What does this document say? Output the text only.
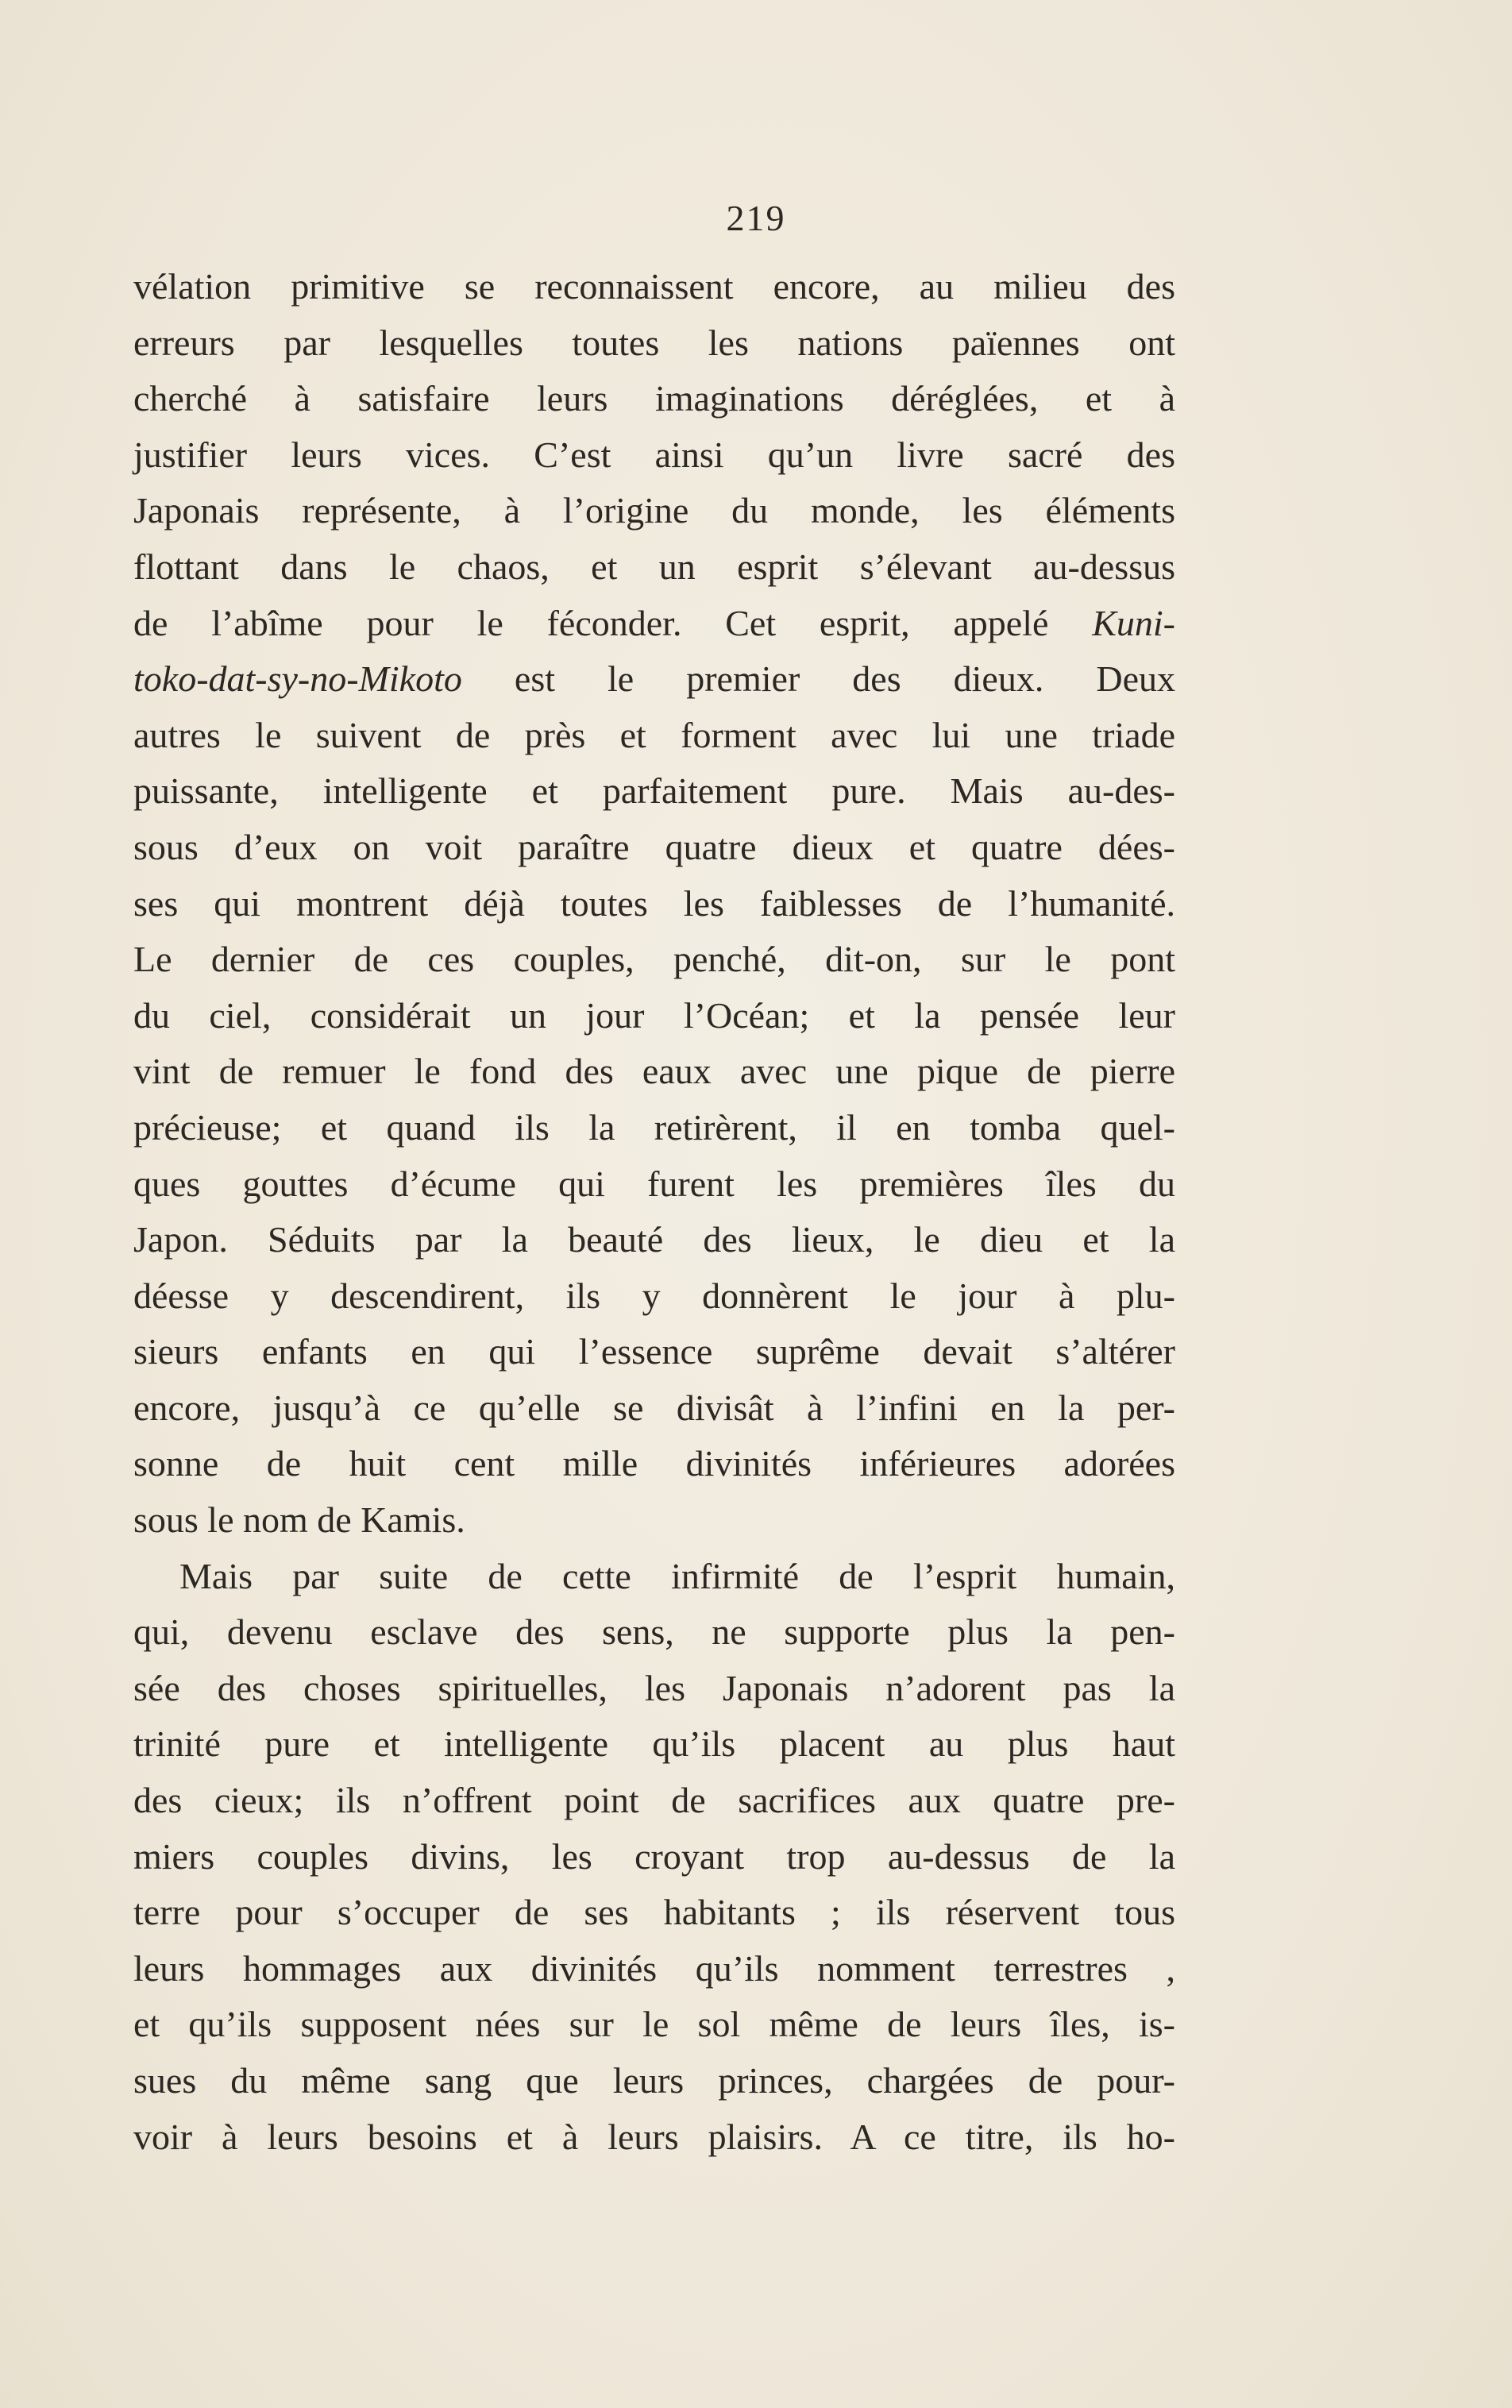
219
vélation primitive se reconnaissent encore, au milieu des
erreurs par lesquelles toutes les nations païennes ont
cherché à satisfaire leurs imaginations déréglées, et à
justifier leurs vices. C’est ainsi qu’un livre sacré des
Japonais représente, à l’origine du monde, les éléments
flottant dans le chaos, et un esprit s’élevant au-dessus
de l’abîme pour le féconder. Cet esprit, appelé Kuni-
toko-dat-sy-no-Mikoto est le premier des dieux. Deux
autres le suivent de près et forment avec lui une triade
puissante, intelligente et parfaitement pure. Mais au-des-
sous d’eux on voit paraître quatre dieux et quatre dées-
ses qui montrent déjà toutes les faiblesses de l’humanité.
Le dernier de ces couples, penché, dit-on, sur le pont
du ciel, considérait un jour l’Océan; et la pensée leur
vint de remuer le fond des eaux avec une pique de pierre
précieuse; et quand ils la retirèrent, il en tomba quel-
ques gouttes d’écume qui furent les premières îles du
Japon. Séduits par la beauté des lieux, le dieu et la
déesse y descendirent, ils y donnèrent le jour à plu-
sieurs enfants en qui l’essence suprême devait s’altérer
encore, jusqu’à ce qu’elle se divisât à l’infini en la per-
sonne de huit cent mille divinités inférieures adorées
sous le nom de Kamis.
Mais par suite de cette infirmité de l’esprit humain,
qui, devenu esclave des sens, ne supporte plus la pen-
sée des choses spirituelles, les Japonais n’adorent pas la
trinité pure et intelligente qu’ils placent au plus haut
des cieux; ils n’offrent point de sacrifices aux quatre pre-
miers couples divins, les croyant trop au-dessus de la
terre pour s’occuper de ses habitants ; ils réservent tous
leurs hommages aux divinités qu’ils nomment terrestres ,
et qu’ils supposent nées sur le sol même de leurs îles, is-
sues du même sang que leurs princes, chargées de pour-
voir à leurs besoins et à leurs plaisirs. A ce titre, ils ho-
